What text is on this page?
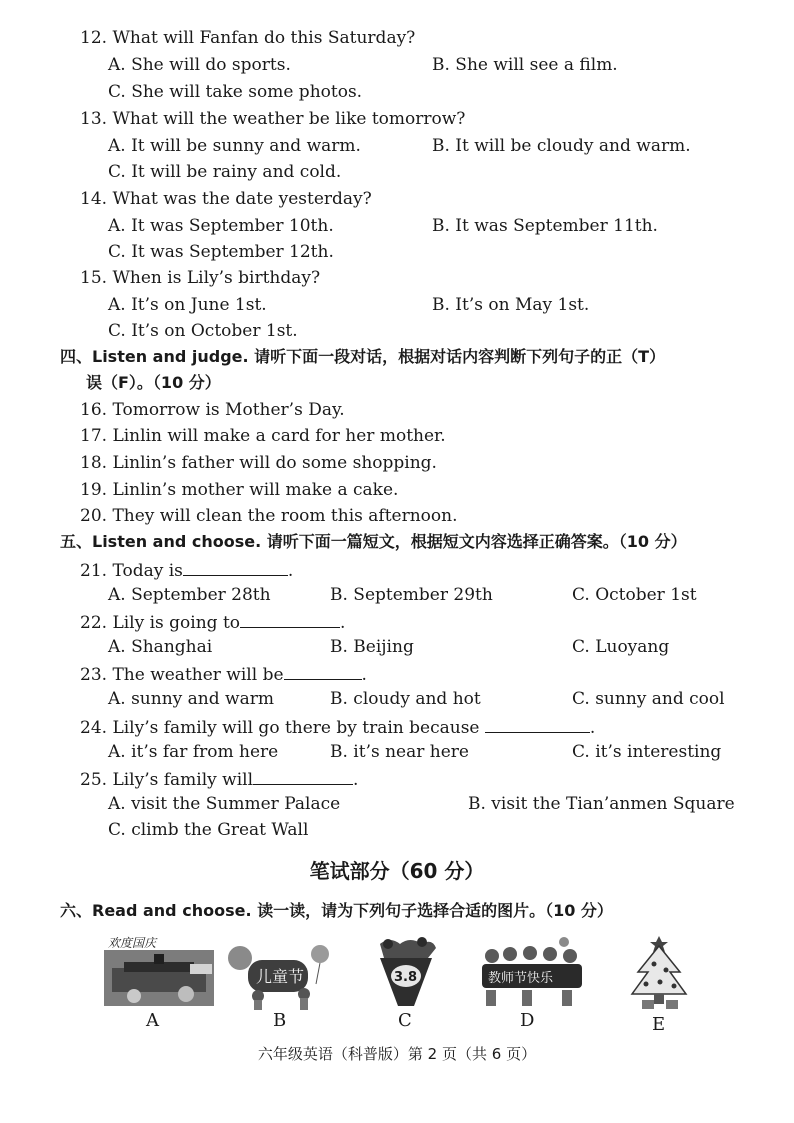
12. What will Fanfan do this Saturday?
A. She will do sports.	B. She will see a film.
C. She will take some photos.
13. What will the weather be like tomorrow?
A. It will be sunny and warm.	B. It will be cloudy and warm.
C. It will be rainy and cold.
14. What was the date yesterday?
A. It was September 10th.	B. It was September 11th.
C. It was September 12th.
15. When is Lily’s birthday?
A. It’s on June 1st.	B. It’s on May 1st.
C. It’s on October 1st.
四、Listen and judge. 请听下面一段对话，根据对话内容判断下列句子的正（T）
误（F）。（10 分）
16. Tomorrow is Mother’s Day.
17. Linlin will make a card for her mother.
18. Linlin’s father will do some shopping.
19. Linlin’s mother will make a cake.
20. They will clean the room this afternoon.
五、Listen and choose. 请听下面一篇短文，根据短文内容选择正确答案。（10 分）
21. Today is	.
A. September 28th	B. September 29th	C. October 1st
22. Lily is going to	.
A. Shanghai	B. Beijing	C. Luoyang
23. The weather will be	.
A. sunny and warm	B. cloudy and hot	C. sunny and cool
24. Lily’s family will go there by train because	.
A. it’s far from here	B. it’s near here	C. it’s interesting
25. Lily’s family will	.
A. visit the Summer Palace	B. visit the Tian’anmen Square
C. climb the Great Wall
笔试部分（60 分）
六、Read and choose. 读一读，请为下列句子选择合适的图片。（10 分）
欢度国庆
A
儿童节
B
3.8
C
教师节快乐
D	E
六年级英语（科普版）第 2 页（共 6 页）
